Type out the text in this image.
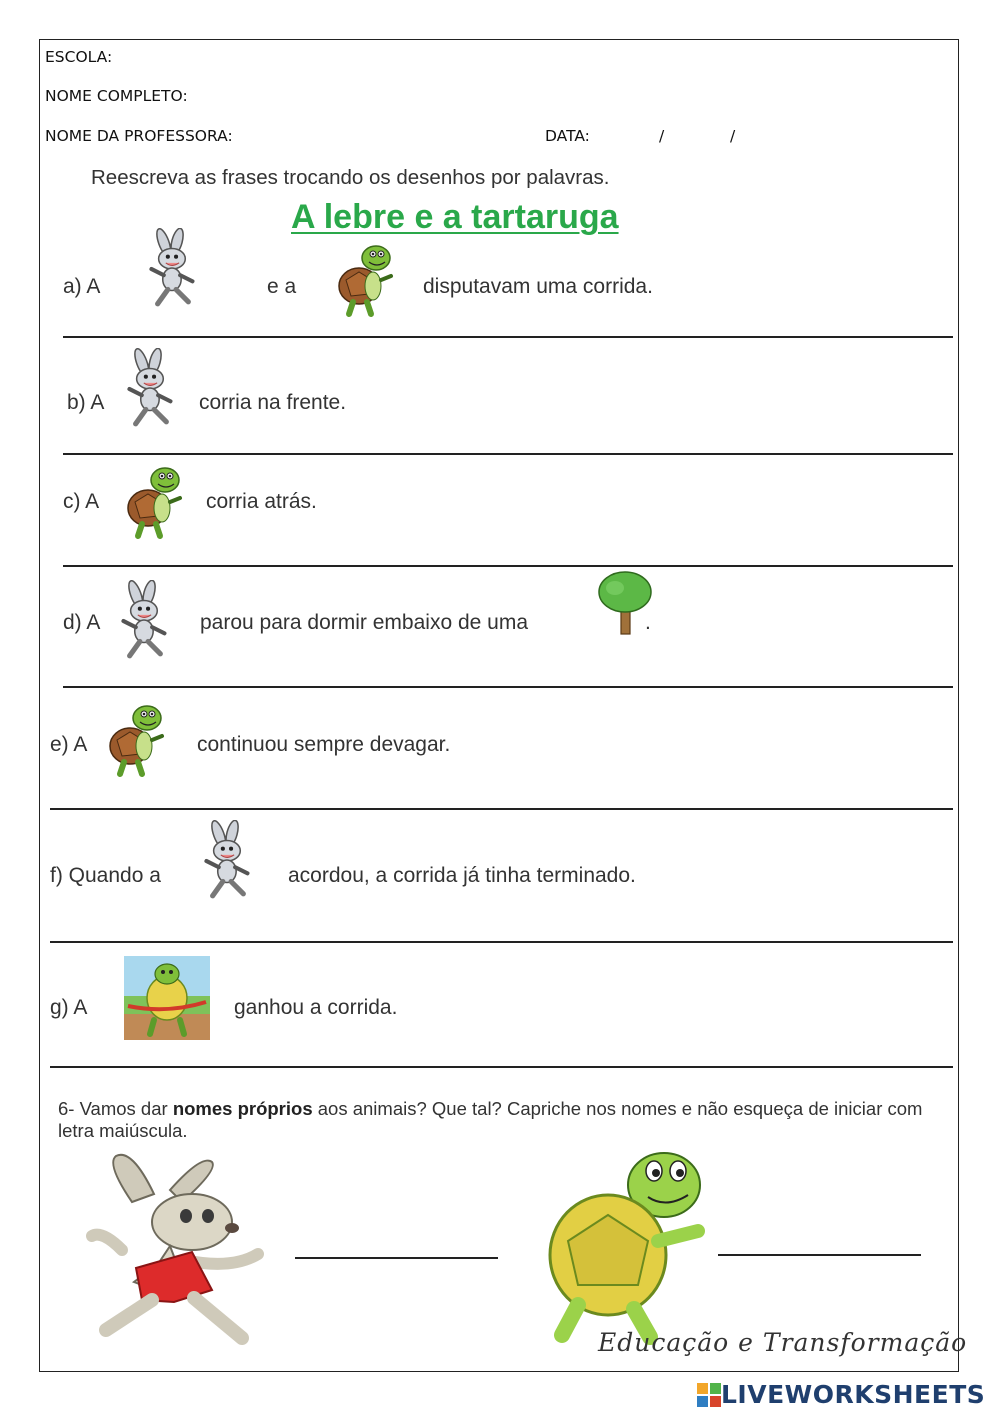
ESCOLA:
NOME COMPLETO:
NOME DA PROFESSORA:	DATA:	/	/
Reescreva as frases trocando os desenhos por palavras.
A lebre e a tartaruga
a) A	e a	disputavam uma corrida.
b) A	corria na frente.
c) A	corria atrás.
d) A	parou para dormir embaixo de uma	.
e) A	continuou sempre devagar.
f) Quando a	acordou, a corrida já tinha terminado.
g) A	ganhou a corrida.
6- Vamos dar nomes próprios aos animais? Que tal? Capriche nos nomes e não esqueça de iniciar com letra maiúscula.
Educação e Transformação
LIVEWORKSHEETS
